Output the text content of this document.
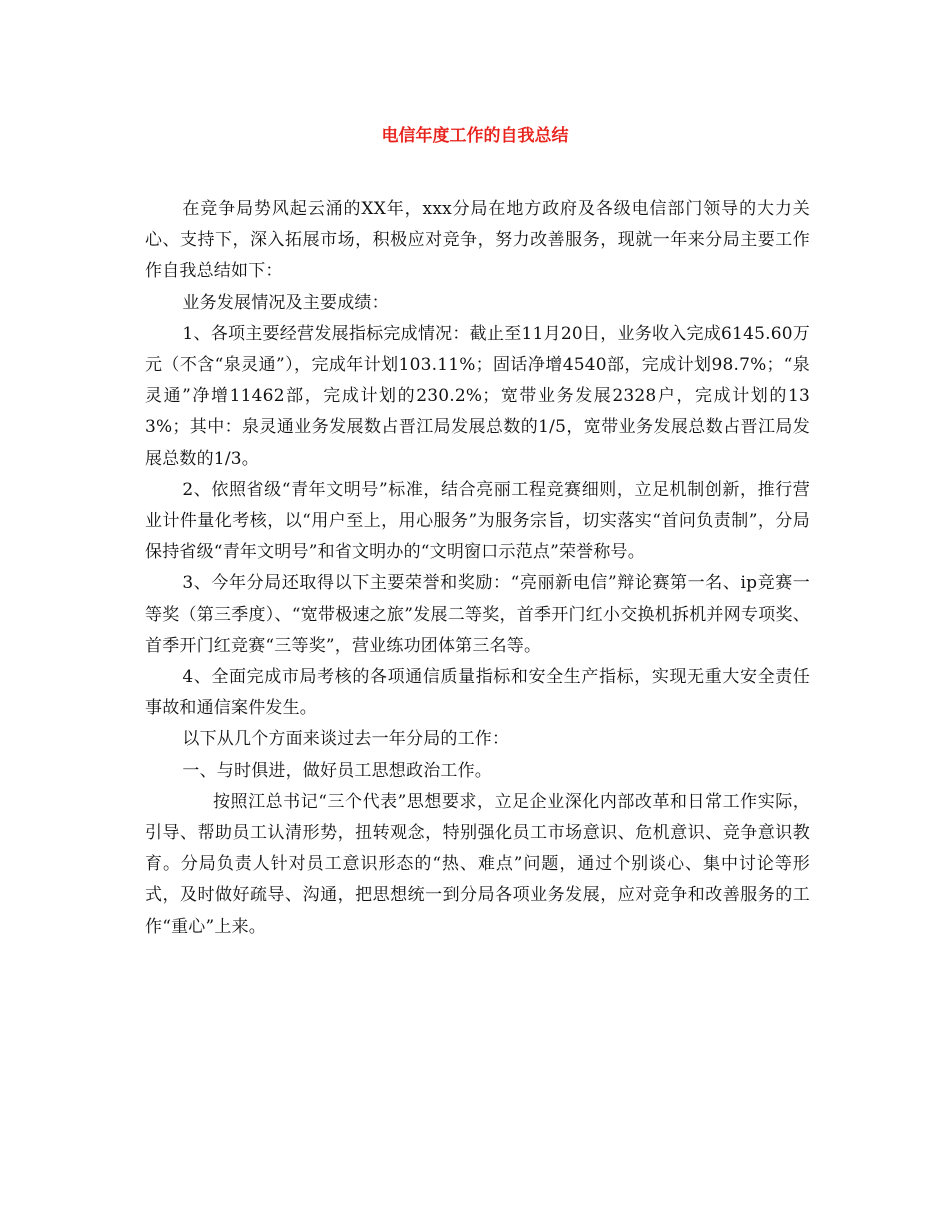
电信年度工作的自我总结

在竞争局势风起云涌的XX年，xxx分局在地方政府及各级电信部门领导的大力关心、支持下，深入拓展市场，积极应对竞争，努力改善服务，现就一年来分局主要工作作自我总结如下：

业务发展情况及主要成绩：

1、各项主要经营发展指标完成情况：截止至11月20日，业务收入完成6145.60万元（不含“泉灵通”），完成年计划103.11%；固话净增4540部，完成计划98.7%；“泉灵通”净增11462部，完成计划的230.2%；宽带业务发展2328户，完成计划的133%；其中：泉灵通业务发展数占晋江局发展总数的1/5，宽带业务发展总数占晋江局发展总数的1/3。

2、依照省级“青年文明号”标准，结合亮丽工程竞赛细则，立足机制创新，推行营业计件量化考核，以“用户至上，用心服务”为服务宗旨，切实落实“首问负责制”，分局保持省级“青年文明号”和省文明办的“文明窗口示范点”荣誉称号。

3、今年分局还取得以下主要荣誉和奖励：“亮丽新电信”辩论赛第一名、ip竞赛一等奖（第三季度）、“宽带极速之旅”发展二等奖，首季开门红小交换机拆机并网专项奖、首季开门红竞赛“三等奖”，营业练功团体第三名等。

4、全面完成市局考核的各项通信质量指标和安全生产指标，实现无重大安全责任事故和通信案件发生。

以下从几个方面来谈过去一年分局的工作：

一、与时俱进，做好员工思想政治工作。

按照江总书记“三个代表”思想要求，立足企业深化内部改革和日常工作实际，引导、帮助员工认清形势，扭转观念，特别强化员工市场意识、危机意识、竞争意识教育。分局负责人针对员工意识形态的“热、难点”问题，通过个别谈心、集中讨论等形式，及时做好疏导、沟通，把思想统一到分局各项业务发展，应对竞争和改善服务的工作“重心”上来。
